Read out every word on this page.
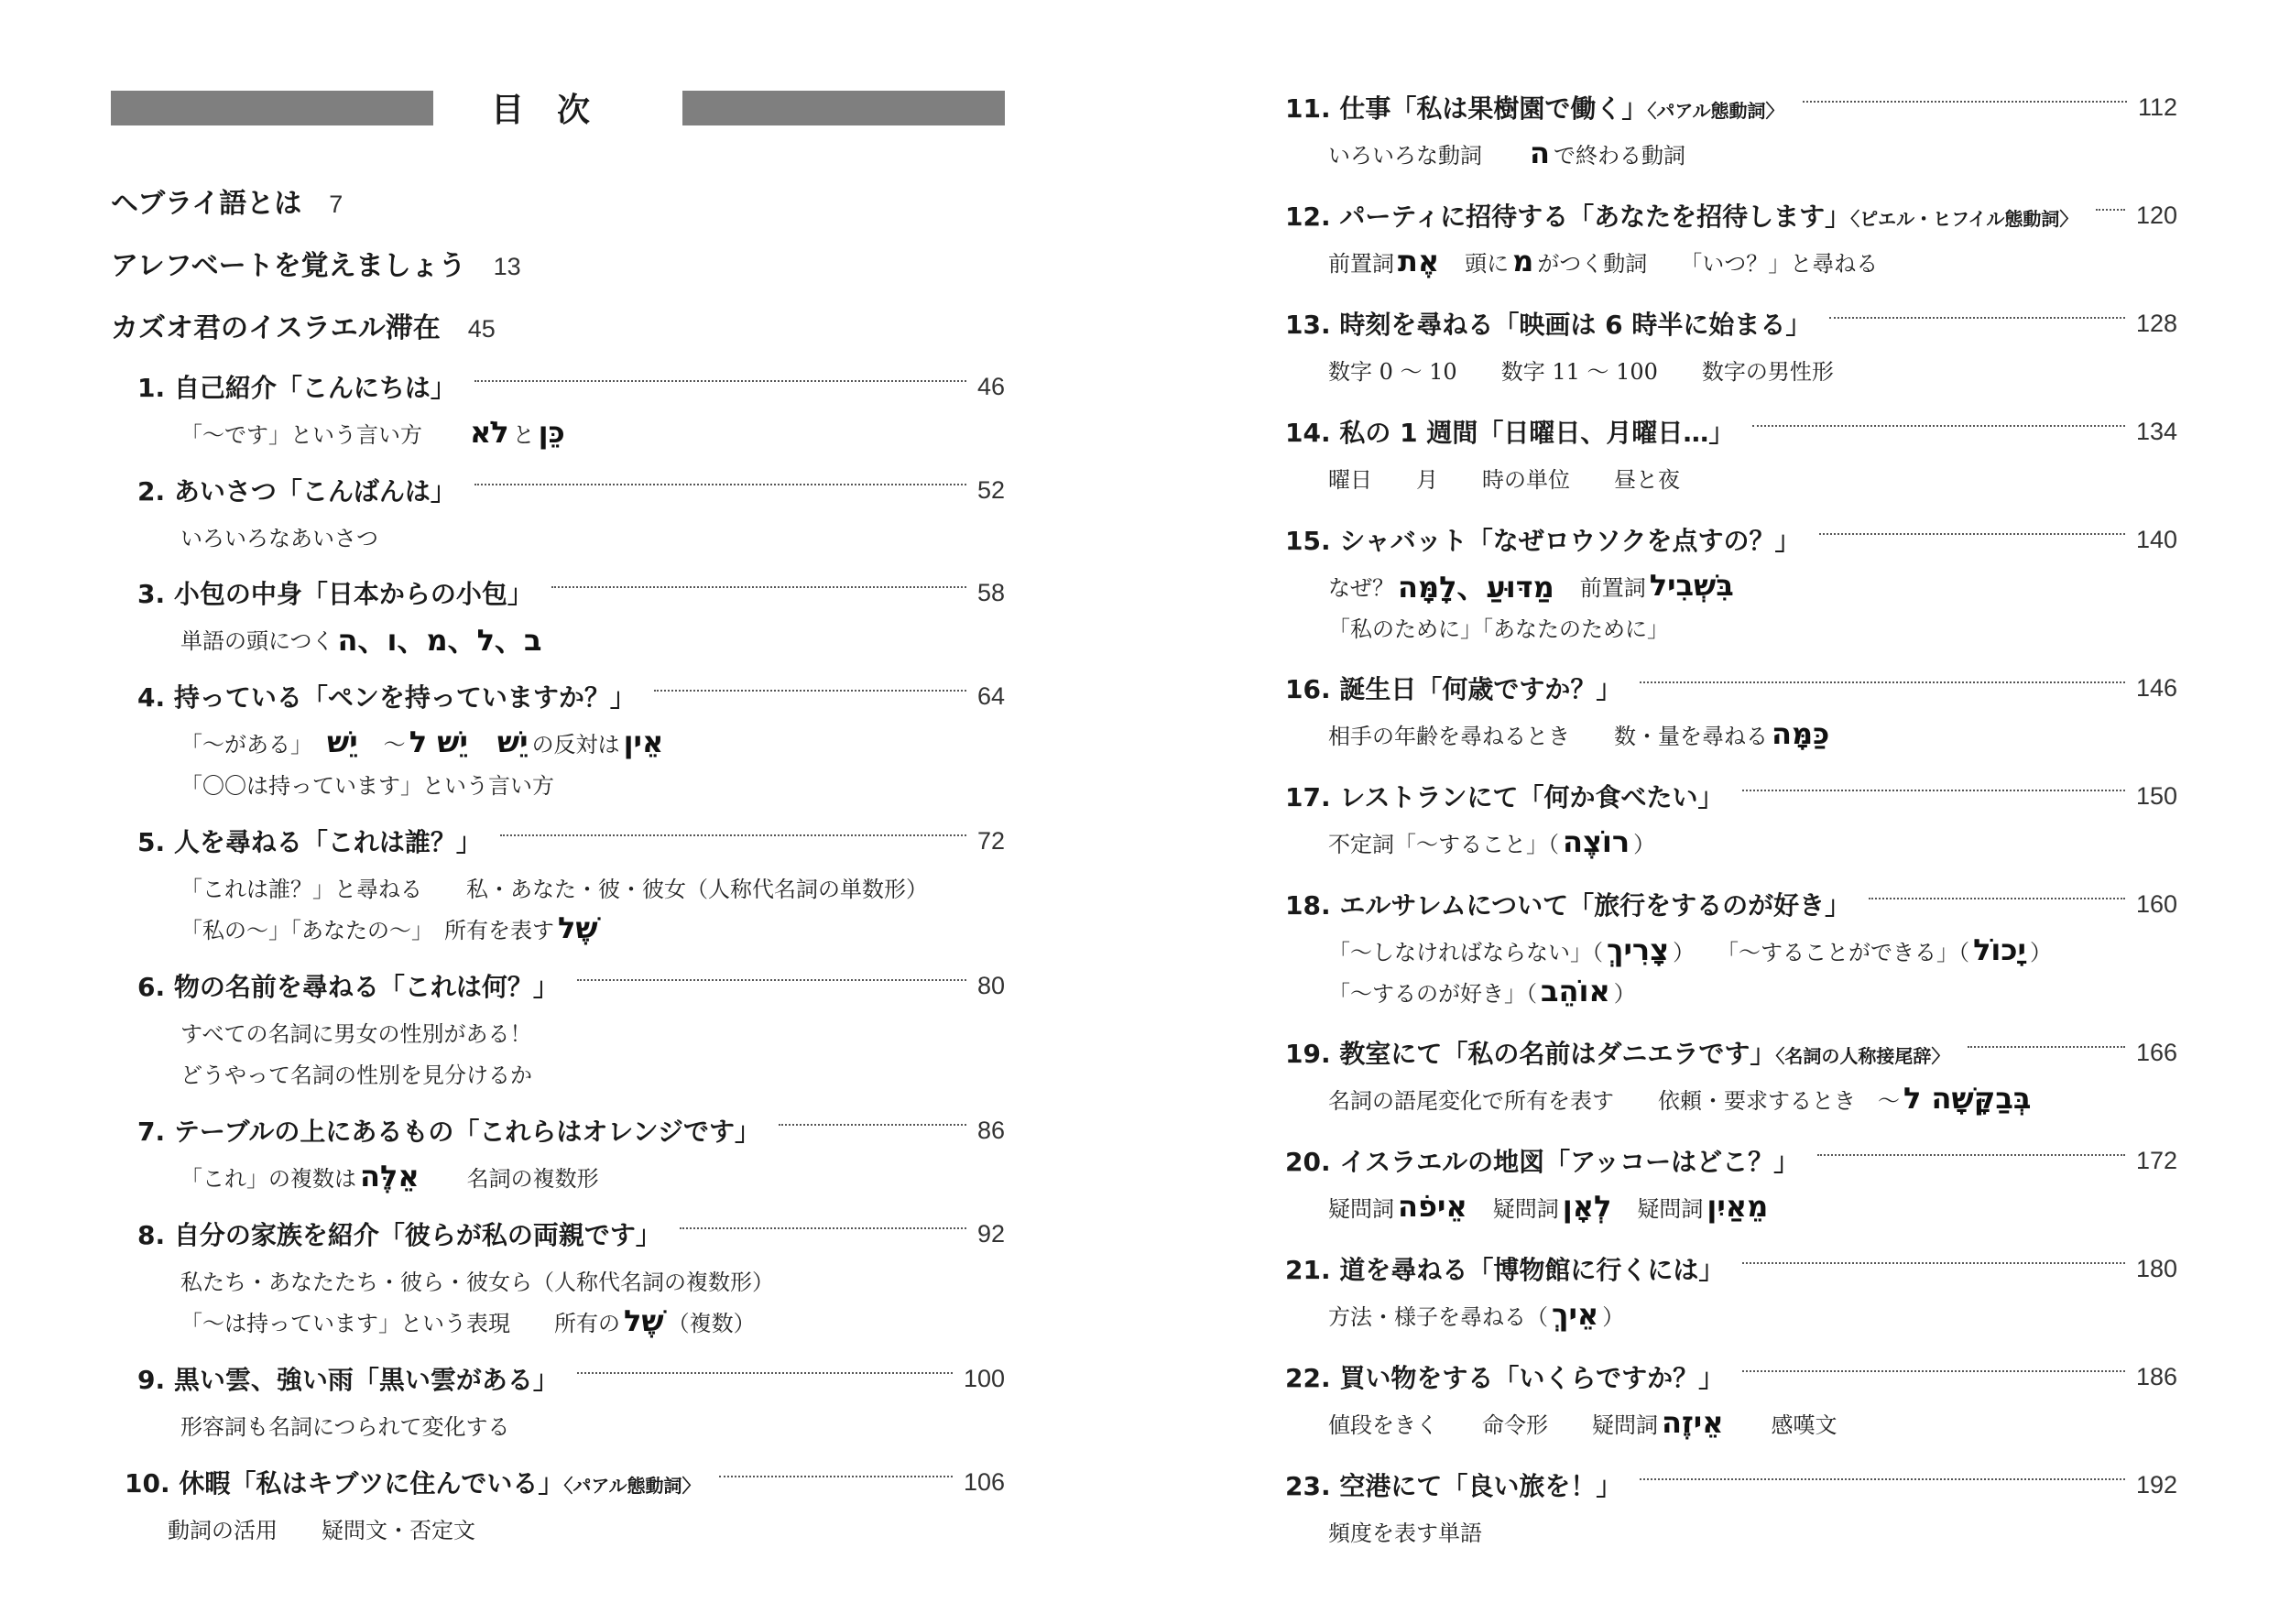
目　次
ヘブライ語とは 7
アレフベートを覚えましょう 13
カズオ君のイスラエル滞在 45
1. 自己紹介「こんにちは」	46
「～です」という言い方　　 לֹא と כֵּן
2. あいさつ「こんばんは」	52
いろいろなあいさつ
3. 小包の中身「日本からの小包」	58
単語の頭につく ב、ל、מ、ו、ה
4. 持っている「ペンを持っていますか？」	64
「～がある」　 יֵשׁ 　～ יֵשׁ ל
　 יֵשׁ の反対は אֵין
「〇〇は持っています」という言い方
5. 人を尋ねる「これは誰？」	72
「これは誰？」と尋ねる　　私・あなた・彼・彼女（人称代名詞の単数形）
「私の～」「あなたの～」　所有を表す שֶׁל
6. 物の名前を尋ねる「これは何？」	80
すべての名詞に男女の性別がある！
どうやって名詞の性別を見分けるか
7. テーブルの上にあるもの「これらはオレンジです」	86
「これ」の複数は אֵלֶּה 　　名詞の複数形
8. 自分の家族を紹介「彼らが私の両親です」	92
私たち・あなたたち・彼ら・彼女ら（人称代名詞の複数形）
「～は持っています」という表現　　所有の שֶׁל （複数）
9. 黒い雲、強い雨「黒い雲がある」	100
形容詞も名詞につられて変化する
10. 休暇「私はキブツに住んでいる」〈パアル態動詞〉	106
動詞の活用　　疑問文・否定文
11. 仕事「私は果樹園で働く」〈パアル態動詞〉	112
いろいろな動詞　　 ה で終わる動詞
12. パーティに招待する「あなたを招待します」〈ピエル・ヒフイル態動詞〉 120
前置詞 אֶת 　頭に מ がつく動詞　　「いつ？」と尋ねる
13. 時刻を尋ねる「映画は 6 時半に始まる」	128
数字 0 ～ 10　　数字 11 ～ 100　　数字の男性形
14. 私の 1 週間「日曜日、月曜日…」	134
曜日　　月　　時の単位　　昼と夜
15. シャバット「なぜロウソクを点すの？」	140
なぜ？ מַדּוּעַ、לָמָּה 　前置詞 בִּשְׁבִיל
「私のために」「あなたのために」
16. 誕生日「何歳ですか？」	146
相手の年齢を尋ねるとき　　数・量を尋ねる כַּמָּה
17. レストランにて「何か食べたい」	150
不定詞「～すること」（ רוֹצֶה ）
18. エルサレムについて「旅行をするのが好き」	160
「～しなければならない」（ צָרִיךְ ）　　「～することができる」（ יָכוֹל ）
「～するのが好き」（ אוֹהֵב ）
19. 教室にて「私の名前はダニエラです」〈名詞の人称接尾辞〉	166
名詞の語尾変化で所有を表す　　依頼・要求するとき　～ בְּבַקָּשָׁה ל
20. イスラエルの地図「アッコーはどこ？」	172
疑問詞 אֵיפֹה 　疑問詞 לְאָן 　疑問詞 מֵאַיִן
21. 道を尋ねる「博物館に行くには」	180
方法・様子を尋ねる（ אֵיךְ ）
22. 買い物をする「いくらですか？」	186
値段をきく　　命令形　　疑問詞 אֵיזֶה 　　感嘆文
23. 空港にて「良い旅を！」	192
頻度を表す単語
